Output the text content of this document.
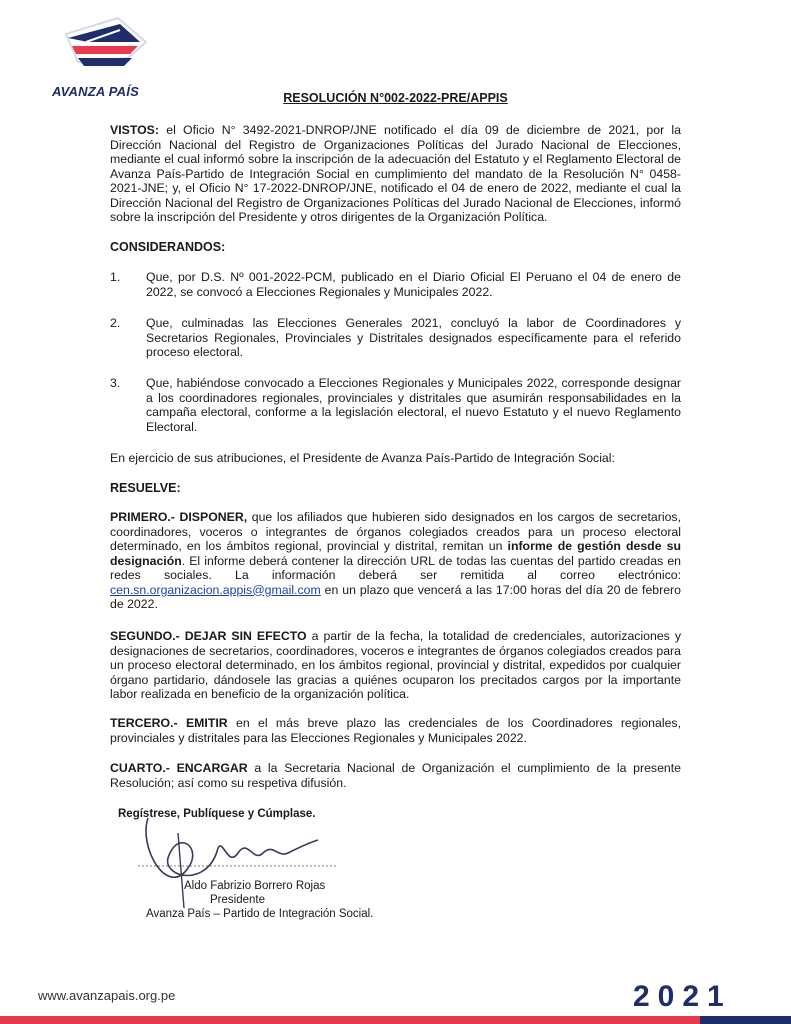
AVANZA PAÍS	RESOLUCIÓN N°002-2022-PRE/APPIS
VISTOS: el Oficio N° 3492-2021-DNROP/JNE notificado el día 09 de diciembre de 2021, por la Dirección Nacional del Registro de Organizaciones Políticas del Jurado Nacional de Elecciones, mediante el cual informó sobre la inscripción de la adecuación del Estatuto y el Reglamento Electoral de Avanza País-Partido de Integración Social en cumplimiento del mandato de la Resolución N° 0458-2021-JNE; y, el Oficio N° 17-2022-DNROP/JNE, notificado el 04 de enero de 2022, mediante el cual la Dirección Nacional del Registro de Organizaciones Políticas del Jurado Nacional de Elecciones, informó sobre la inscripción del Presidente y otros dirigentes de la Organización Política.
CONSIDERANDOS:
1. Que, por D.S. Nº 001-2022-PCM, publicado en el Diario Oficial El Peruano el 04 de enero de 2022, se convocó a Elecciones Regionales y Municipales 2022.
2. Que, culminadas las Elecciones Generales 2021, concluyó la labor de Coordinadores y Secretarios Regionales, Provinciales y Distritales designados específicamente para el referido proceso electoral.
3. Que, habiéndose convocado a Elecciones Regionales y Municipales 2022, corresponde designar a los coordinadores regionales, provinciales y distritales que asumirán responsabilidades en la campaña electoral, conforme a la legislación electoral, el nuevo Estatuto y el nuevo Reglamento Electoral.
En ejercicio de sus atribuciones, el Presidente de Avanza País-Partido de Integración Social:
RESUELVE:
PRIMERO.- DISPONER, que los afiliados que hubieren sido designados en los cargos de secretarios, coordinadores, voceros o integrantes de órganos colegiados creados para un proceso electoral determinado, en los ámbitos regional, provincial y distrital, remitan un informe de gestión desde su designación. El informe deberá contener la dirección URL de todas las cuentas del partido creadas en redes sociales. La información deberá ser remitida al correo electrónico: cen.sn.organizacion.appis@gmail.com en un plazo que vencerá a las 17:00 horas del día 20 de febrero de 2022.
SEGUNDO.- DEJAR SIN EFECTO a partir de la fecha, la totalidad de credenciales, autorizaciones y designaciones de secretarios, coordinadores, voceros e integrantes de órganos colegiados creados para un proceso electoral determinado, en los ámbitos regional, provincial y distrital, expedidos por cualquier órgano partidario, dándosele las gracias a quiénes ocuparon los precitados cargos por la importante labor realizada en beneficio de la organización política.
TERCERO.- EMITIR en el más breve plazo las credenciales de los Coordinadores regionales, provinciales y distritales para las Elecciones Regionales y Municipales 2022.
CUARTO.- ENCARGAR a la Secretaria Nacional de Organización el cumplimiento de la presente Resolución; así como su respetiva difusión.
Regístrese, Publíquese y Cúmplase.
Aldo Fabrizio Borrero Rojas
Presidente
Avanza País – Partido de Integración Social.
www.avanzapais.org.pe	2021
